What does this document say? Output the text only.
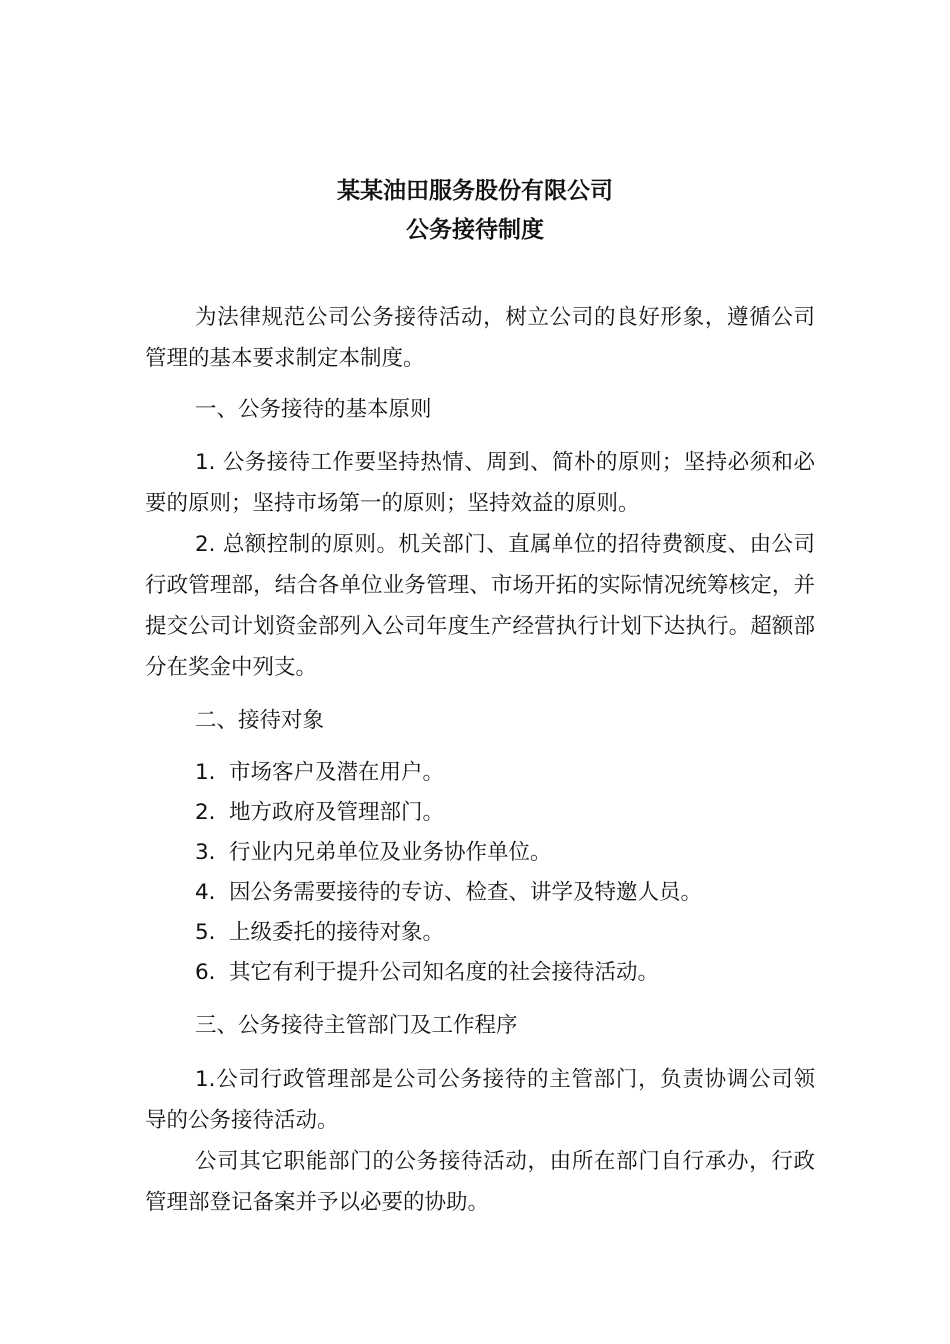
某某油田服务股份有限公司
公务接待制度

为法律规范公司公务接待活动，树立公司的良好形象，遵循公司管理的基本要求制定本制度。

一、公务接待的基本原则

1. 公务接待工作要坚持热情、周到、简朴的原则；坚持必须和必要的原则；坚持市场第一的原则；坚持效益的原则。

2. 总额控制的原则。机关部门、直属单位的招待费额度、由公司行政管理部，结合各单位业务管理、市场开拓的实际情况统筹核定，并提交公司计划资金部列入公司年度生产经营执行计划下达执行。超额部分在奖金中列支。

二、接待对象

1. 市场客户及潜在用户。

2. 地方政府及管理部门。

3. 行业内兄弟单位及业务协作单位。

4. 因公务需要接待的专访、检查、讲学及特邀人员。

5. 上级委托的接待对象。

6. 其它有利于提升公司知名度的社会接待活动。

三、公务接待主管部门及工作程序

1.公司行政管理部是公司公务接待的主管部门，负责协调公司领导的公务接待活动。

公司其它职能部门的公务接待活动，由所在部门自行承办，行政管理部登记备案并予以必要的协助。
